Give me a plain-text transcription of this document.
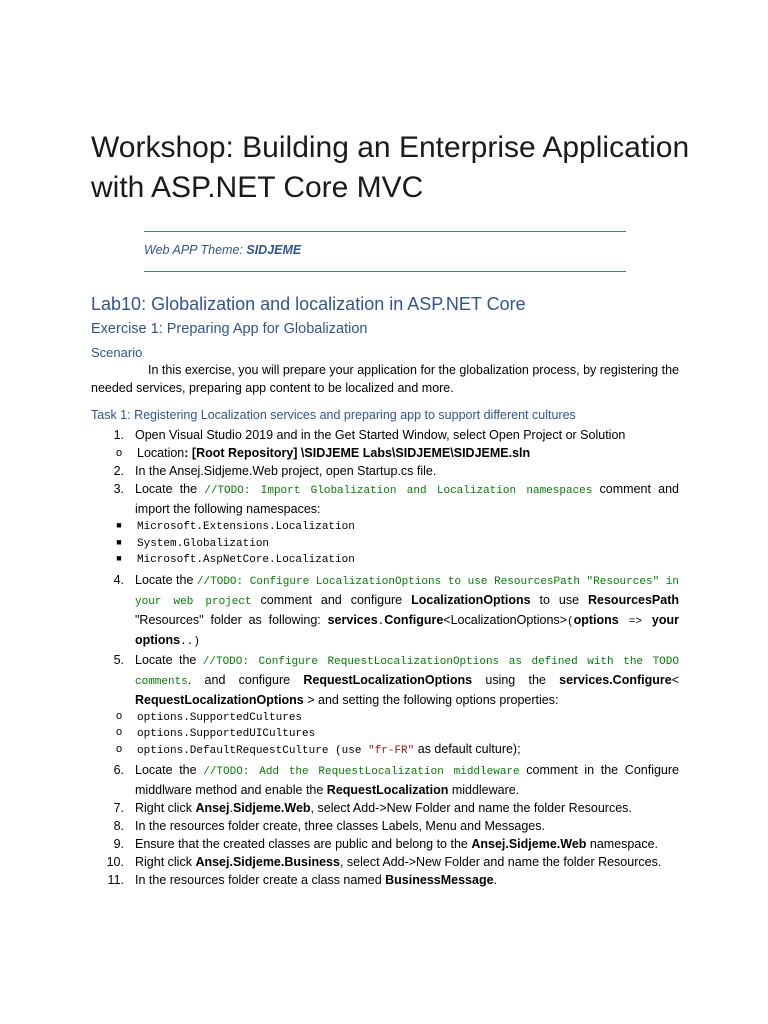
Workshop: Building an Enterprise Application with ASP.NET Core MVC
Web APP Theme: SIDJEME
Lab10: Globalization and localization in ASP.NET Core
Exercise 1: Preparing App for Globalization
Scenario

In this exercise, you will prepare your application for the globalization process, by registering the needed services, preparing app content to be localized and more.

Task 1: Registering Localization services and preparing app to support different cultures
1. Open Visual Studio 2019 and in the Get Started Window, select Open Project or Solution
o Location: [Root Repository] \SIDJEME Labs\SIDJEME\SIDJEME.sln
2. In the Ansej.Sidjeme.Web project, open Startup.cs file.
3. Locate the //TODO: Import Globalization and Localization namespaces comment and import the following namespaces:
■ Microsoft.Extensions.Localization
■ System.Globalization
■ Microsoft.AspNetCore.Localization
4. Locate the //TODO: Configure LocalizationOptions to use ResourcesPath "Resources" in your web project comment and configure LocalizationOptions to use ResourcesPath "Resources" folder as following: services.Configure<LocalizationOptions>(options => your options..)
5. Locate the //TODO: Configure RequestLocalizationOptions as defined with the TODO comments. and configure RequestLocalizationOptions using the services.Configure< RequestLocalizationOptions > and setting the following options properties:
o options.SupportedCultures
o options.SupportedUICultures
o options.DefaultRequestCulture (use "fr-FR" as default culture);
6. Locate the //TODO: Add the RequestLocalization middleware comment in the Configure middlware method and enable the RequestLocalization middleware.
7. Right click Ansej.Sidjeme.Web, select Add->New Folder and name the folder Resources.
8. In the resources folder create, three classes Labels, Menu and Messages.
9. Ensure that the created classes are public and belong to the Ansej.Sidjeme.Web namespace.
10. Right click Ansej.Sidjeme.Business, select Add->New Folder and name the folder Resources.
11. In the resources folder create a class named BusinessMessage.
